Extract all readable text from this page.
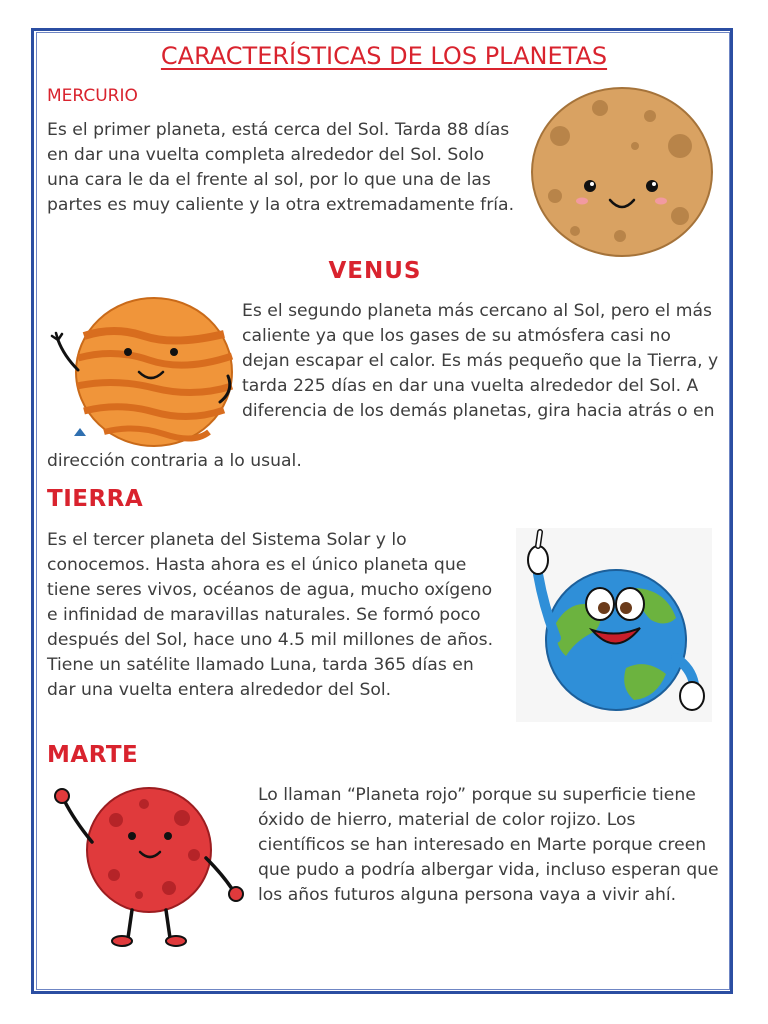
CARACTERÍSTICAS DE LOS PLANETAS
MERCURIO

Es el primer planeta, está cerca del Sol. Tarda 88 días en dar una vuelta completa alrededor del Sol. Solo una cara le da el frente al sol, por lo que una de las partes es muy caliente y la otra extremadamente fría.

VENUS

Es el segundo planeta más cercano al Sol, pero el más caliente ya que los gases de su atmósfera casi no dejan escapar el calor. Es más pequeño que la Tierra, y tarda 225 días en dar una vuelta alrededor del Sol. A diferencia de los demás planetas, gira hacia atrás o en

dirección contraria a lo usual.

TIERRA

Es el tercer planeta del Sistema Solar y lo conocemos. Hasta ahora es el único planeta que tiene seres vivos, océanos de agua, mucho oxígeno e infinidad de maravillas naturales. Se formó poco después del Sol, hace uno 4.5 mil millones de años. Tiene un satélite llamado Luna, tarda 365 días en dar una vuelta entera alrededor del Sol.

MARTE

Lo llaman “Planeta rojo” porque su superficie tiene óxido de hierro, material de color rojizo. Los científicos se han interesado en Marte porque creen que pudo a podría albergar vida, incluso esperan que los años futuros alguna persona vaya a vivir ahí.
